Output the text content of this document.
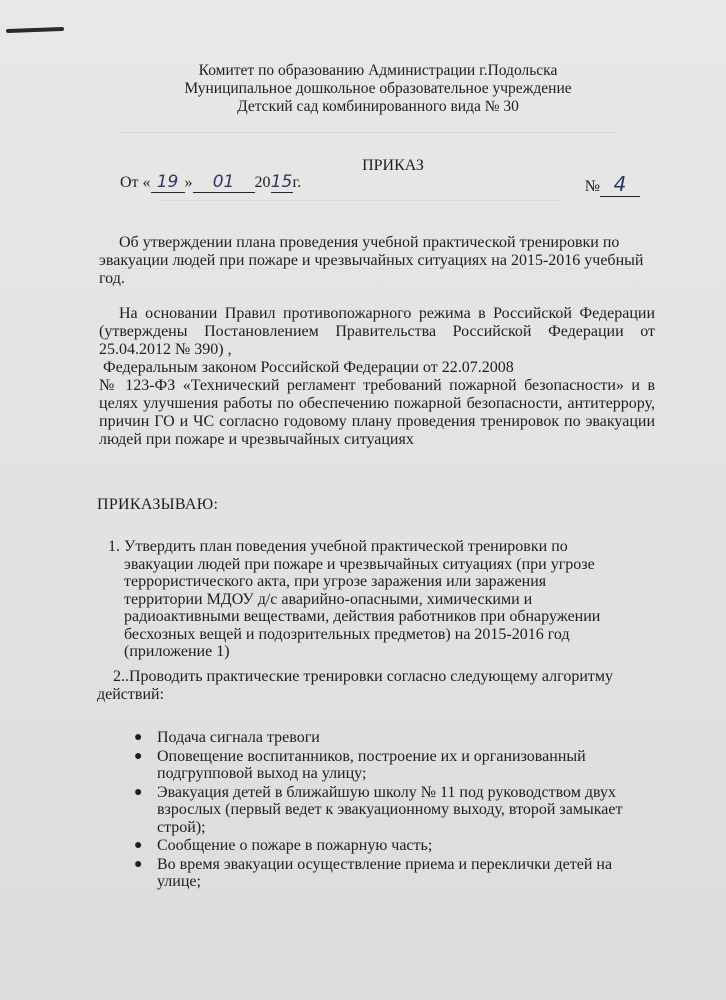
Комитет по образованию Администрации г.Подольска
Муниципальное дошкольное образовательное учреждение
Детский сад комбинированного вида № 30
ПРИКАЗ
От « 19 » 01 2015г.	№ 4
Об утверждении плана проведения учебной практической тренировки по эвакуации людей при пожаре и чрезвычайных ситуациях на 2015-2016 учебный год.

На основании Правил противопожарного режима в Российской Федерации (утверждены Постановлением Правительства Российской Федерации от 25.04.2012 № 390) ,

Федеральным законом Российской Федерации от 22.07.2008

№ 123-ФЗ «Технический регламент требований пожарной безопасности» и в целях улучшения работы по обеспечению пожарной безопасности, антитеррору, причин ГО и ЧС согласно годовому плану проведения тренировок по эвакуации людей при пожаре и чрезвычайных ситуациях

ПРИКАЗЫВАЮ:
1. Утвердить план поведения учебной практической тренировки по эвакуации людей при пожаре и чрезвычайных ситуациях (при угрозе террористического акта, при угрозе заражения или заражения территории МДОУ д/с аварийно-опасными, химическими и радиоактивными веществами, действия работников при обнаружении бесхозных вещей и подозрительных предметов) на 2015-2016 год (приложение 1)
2..Проводить практические тренировки согласно следующему алгоритму действий:
● Подача сигнала тревоги
● Оповещение воспитанников, построение их и организованный подгрупповой выход на улицу;
● Эвакуация детей в ближайшую школу № 11 под руководством двух взрослых (первый ведет к эвакуационному выходу, второй замыкает строй);
● Сообщение о пожаре в пожарную часть;
● Во время эвакуации осуществление приема и переклички детей на улице;
